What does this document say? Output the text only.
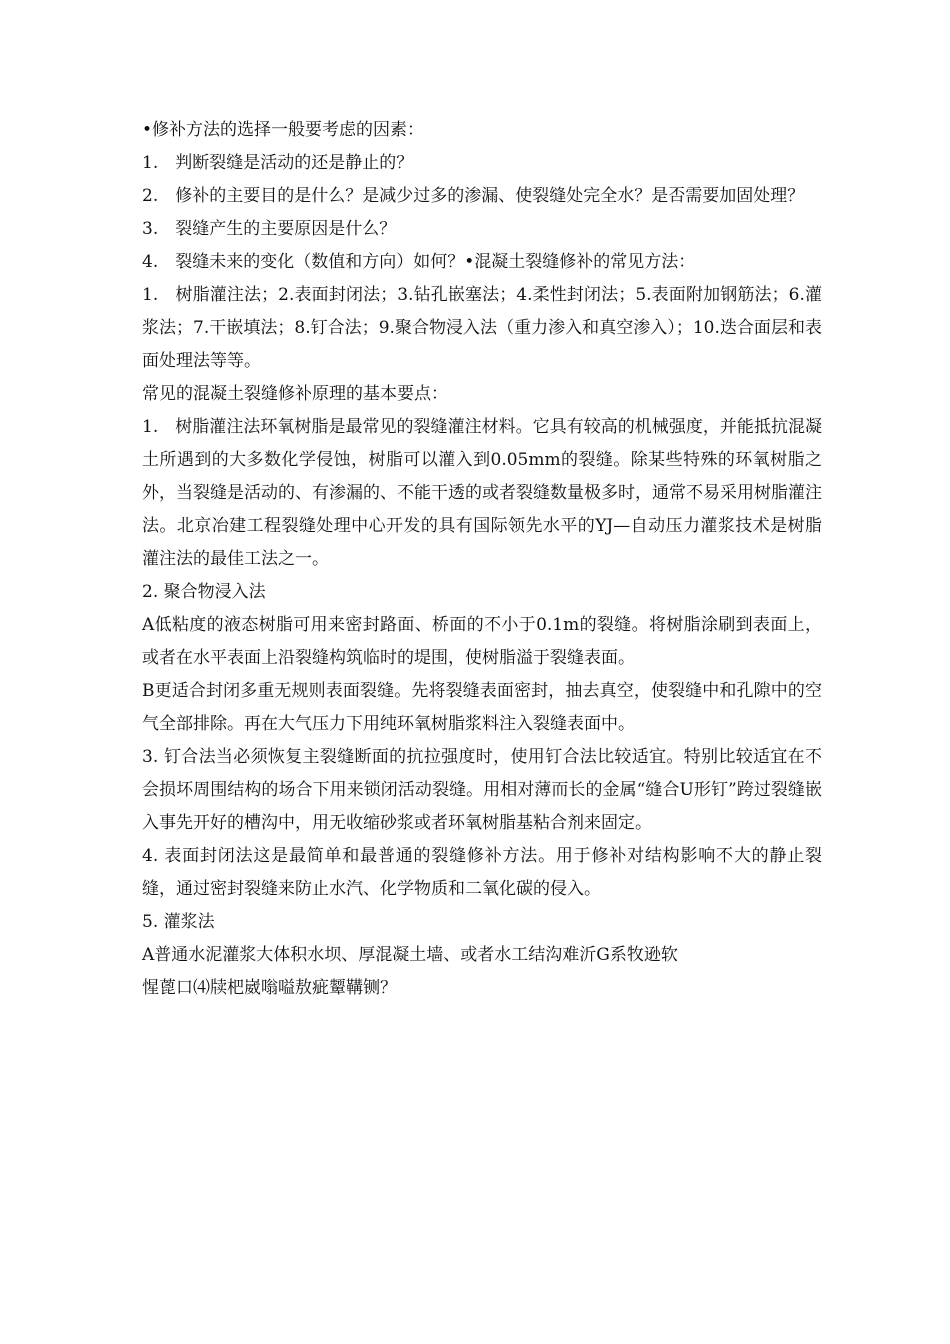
•修补方法的选择一般要考虑的因素：

1.　判断裂缝是活动的还是静止的？

2.　修补的主要目的是什么？是减少过多的渗漏、使裂缝处完全水？是否需要加固处理？

3.　裂缝产生的主要原因是什么？

4.　裂缝未来的变化（数值和方向）如何？•混凝土裂缝修补的常见方法：

1.　树脂灌注法；2.表面封闭法；3.钻孔嵌塞法；4.柔性封闭法；5.表面附加钢筋法；6.灌浆法；7.干嵌填法；8.钉合法；9.聚合物浸入法（重力渗入和真空渗入）；10.迭合面层和表面处理法等等。

常见的混凝土裂缝修补原理的基本要点：

1.　树脂灌注法环氧树脂是最常见的裂缝灌注材料。它具有较高的机械强度，并能抵抗混凝土所遇到的大多数化学侵蚀，树脂可以灌入到0.05mm的裂缝。除某些特殊的环氧树脂之外，当裂缝是活动的、有渗漏的、不能干透的或者裂缝数量极多时，通常不易采用树脂灌注法。北京冶建工程裂缝处理中心开发的具有国际领先水平的YJ—自动压力灌浆技术是树脂灌注法的最佳工法之一。

2. 聚合物浸入法

A低粘度的液态树脂可用来密封路面、桥面的不小于0.1m的裂缝。将树脂涂刷到表面上，或者在水平表面上沿裂缝构筑临时的堤围，使树脂溢于裂缝表面。

B更适合封闭多重无规则表面裂缝。先将裂缝表面密封，抽去真空，使裂缝中和孔隙中的空气全部排除。再在大气压力下用纯环氧树脂浆料注入裂缝表面中。

3. 钉合法当必须恢复主裂缝断面的抗拉强度时，使用钉合法比较适宜。特别比较适宜在不会损坏周围结构的场合下用来锁闭活动裂缝。用相对薄而长的金属“缝合U形钉”跨过裂缝嵌入事先开好的槽沟中，用无收缩砂浆或者环氧树脂基粘合剂来固定。

4. 表面封闭法这是最简单和最普通的裂缝修补方法。用于修补对结构影响不大的静止裂缝，通过密封裂缝来防止水汽、化学物质和二氧化碳的侵入。

5. 灌浆法

A普通水泥灌浆大体积水坝、厚混凝土墙、或者水工结沟难沂G系牧逊软

惺蓖口⑷牍杷崴嗡嗌敖疵颦鞲铡？
